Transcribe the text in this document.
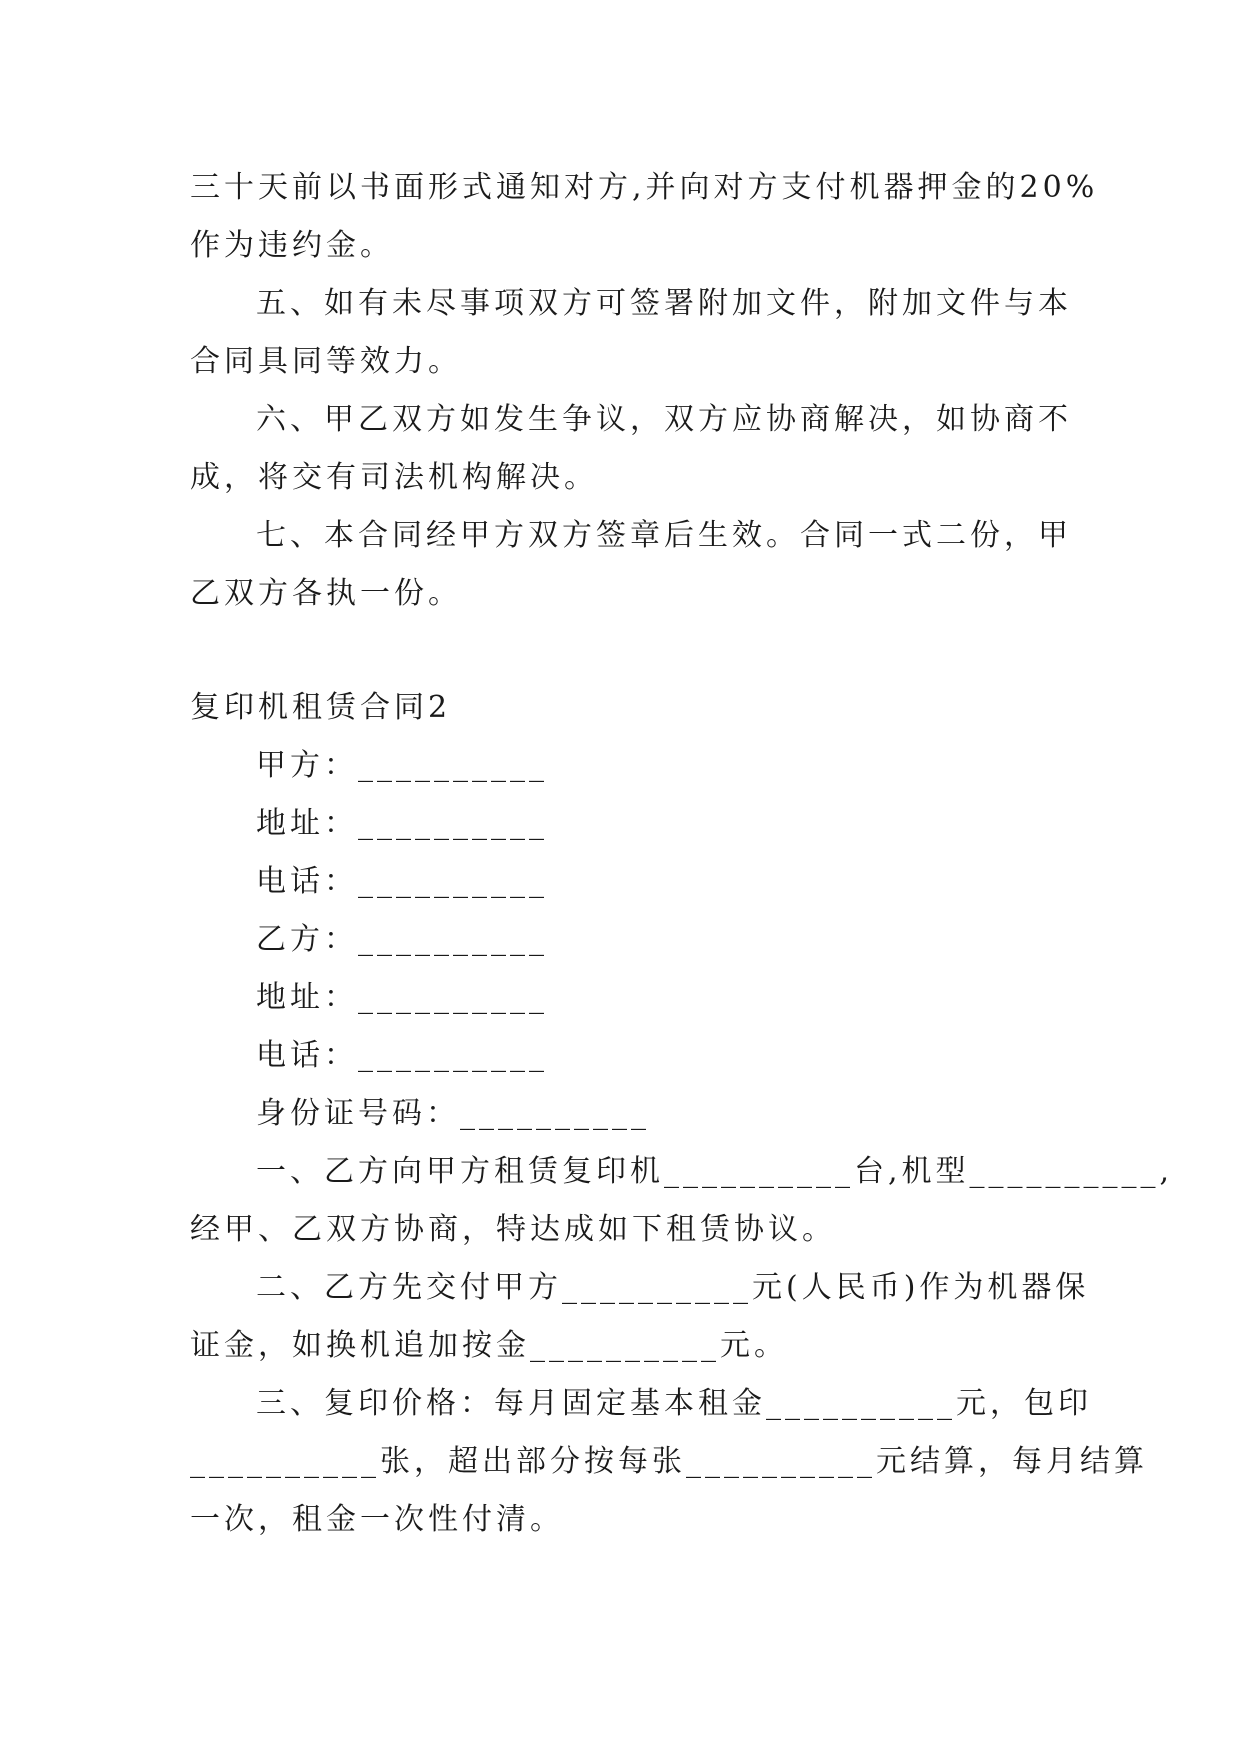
三十天前以书面形式通知对方,并向对方支付机器押金的20%
作为违约金。
五、如有未尽事项双方可签署附加文件，附加文件与本
合同具同等效力。
六、甲乙双方如发生争议，双方应协商解决，如协商不
成，将交有司法机构解决。
七、本合同经甲方双方签章后生效。合同一式二份，甲
乙双方各执一份。
复印机租赁合同2
甲方：__________
地址：__________
电话：__________
乙方：__________
地址：__________
电话：__________
身份证号码：__________
一、乙方向甲方租赁复印机__________台,机型__________,
经甲、乙双方协商，特达成如下租赁协议。
二、乙方先交付甲方__________元(人民币)作为机器保
证金，如换机追加按金__________元。
三、复印价格：每月固定基本租金__________元，包印
__________张，超出部分按每张__________元结算，每月结算
一次，租金一次性付清。
